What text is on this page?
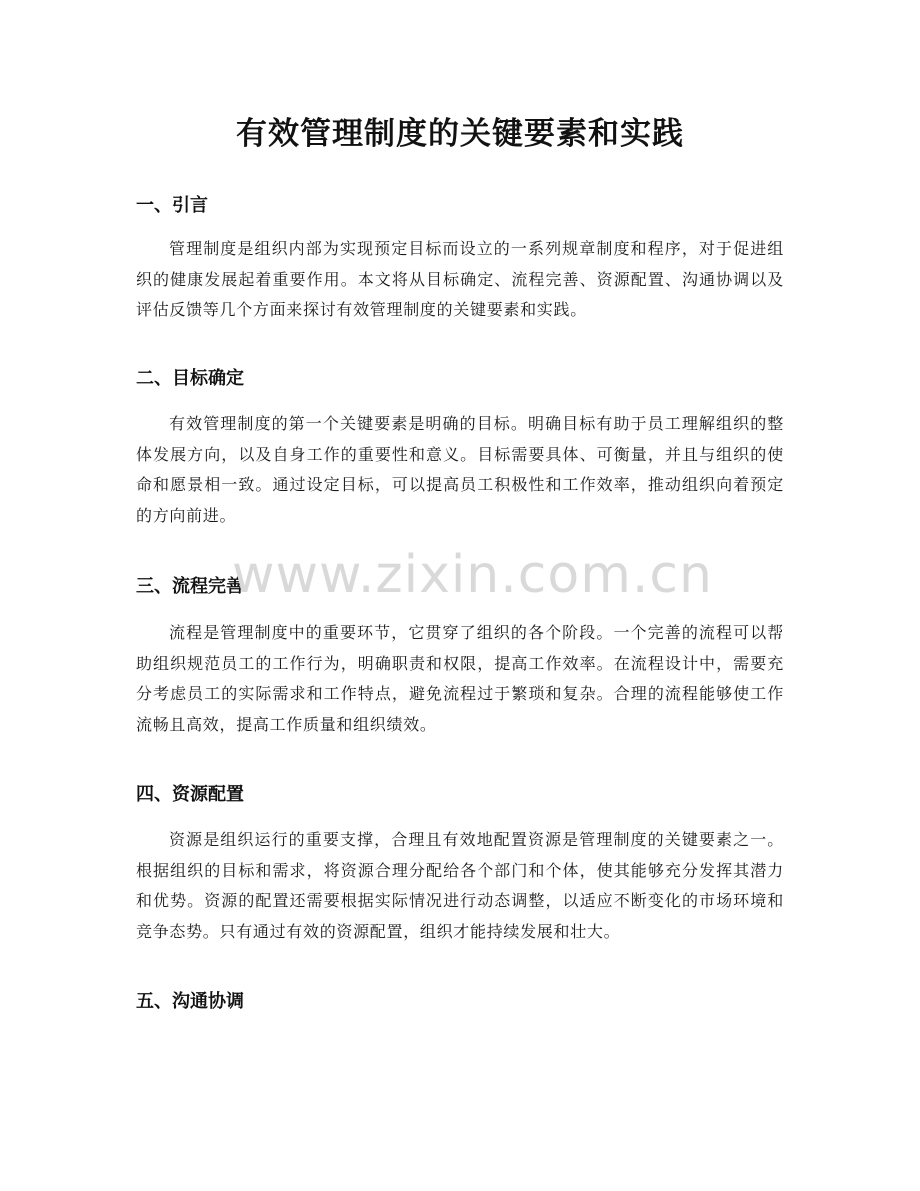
有效管理制度的关键要素和实践
一、引言
管理制度是组织内部为实现预定目标而设立的一系列规章制度和程序，对于促进组织的健康发展起着重要作用。本文将从目标确定、流程完善、资源配置、沟通协调以及评估反馈等几个方面来探讨有效管理制度的关键要素和实践。
二、目标确定
有效管理制度的第一个关键要素是明确的目标。明确目标有助于员工理解组织的整体发展方向，以及自身工作的重要性和意义。目标需要具体、可衡量，并且与组织的使命和愿景相一致。通过设定目标，可以提高员工积极性和工作效率，推动组织向着预定的方向前进。
三、流程完善
流程是管理制度中的重要环节，它贯穿了组织的各个阶段。一个完善的流程可以帮助组织规范员工的工作行为，明确职责和权限，提高工作效率。在流程设计中，需要充分考虑员工的实际需求和工作特点，避免流程过于繁琐和复杂。合理的流程能够使工作流畅且高效，提高工作质量和组织绩效。
四、资源配置
资源是组织运行的重要支撑，合理且有效地配置资源是管理制度的关键要素之一。根据组织的目标和需求，将资源合理分配给各个部门和个体，使其能够充分发挥其潜力和优势。资源的配置还需要根据实际情况进行动态调整，以适应不断变化的市场环境和竞争态势。只有通过有效的资源配置，组织才能持续发展和壮大。
五、沟通协调
www.zixin.com.cn
